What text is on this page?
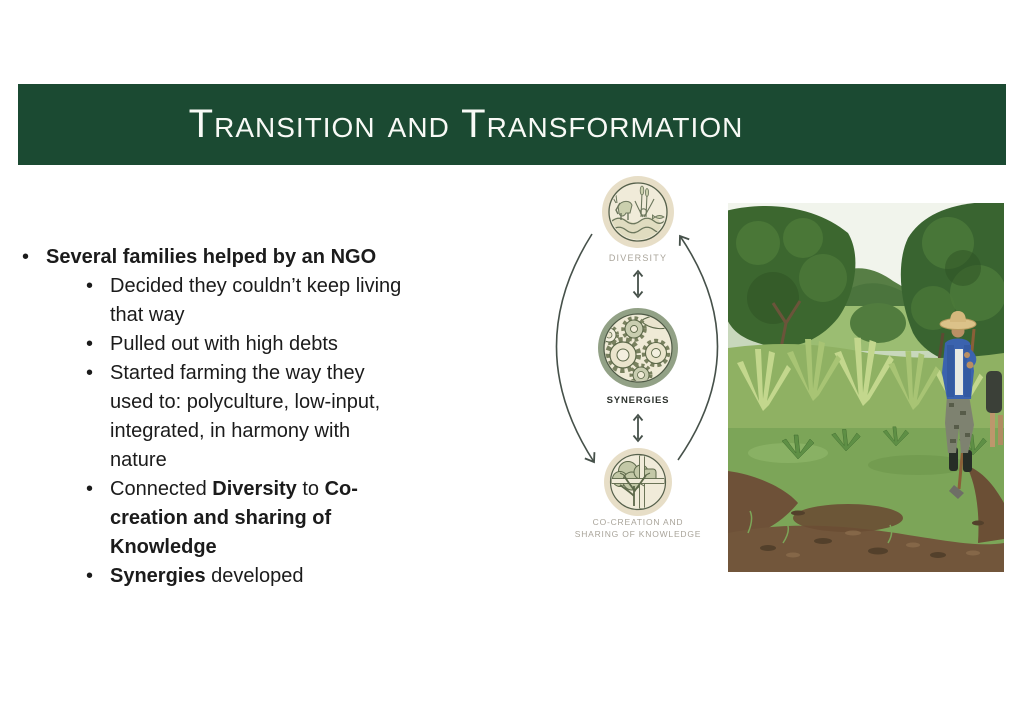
Transition and Transformation
• Several families helped by an NGO
• Decided they couldn’t keep living that way
• Pulled out with high debts
• Started farming the way they used to: polyculture, low-input, integrated, in harmony with nature
• Connected Diversity to Co-creation and sharing of Knowledge
• Synergies developed
DIVERSITY
SYNERGIES
CO-CREATION AND
SHARING OF KNOWLEDGE
